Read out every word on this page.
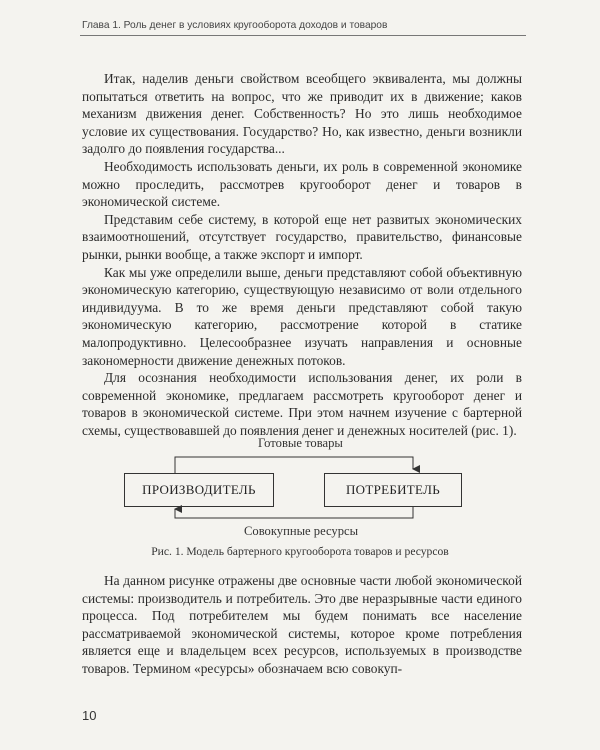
Глава 1. Роль денег в условиях кругооборота доходов и товаров

Итак, наделив деньги свойством всеобщего эквивалента, мы должны попытаться ответить на вопрос, что же приводит их в движение; каков механизм движения денег. Собственность? Но это лишь необходимое условие их существования. Государство? Но, как известно, деньги возникли задолго до появления государства...

Необходимость использовать деньги, их роль в современной экономике можно проследить, рассмотрев кругооборот денег и товаров в экономической системе.

Представим себе систему, в которой еще нет развитых экономических взаимоотношений, отсутствует государство, правительство, финансовые рынки, рынки вообще, а также экспорт и импорт.

Как мы уже определили выше, деньги представляют собой объективную экономическую категорию, существующую независимо от воли отдельного индивидуума. В то же время деньги представляют собой такую экономическую категорию, рассмотрение которой в статике малопродуктивно. Целесообразнее изучать направления и основные закономерности движение денежных потоков.

Для осознания необходимости использования денег, их роли в современной экономике, предлагаем рассмотреть кругооборот денег и товаров в экономической системе. При этом начнем изучение с бартерной схемы, существовавшей до появления денег и денежных носителей (рис. 1).

Готовые товары
ПРОИЗВОДИТЕЛЬ	ПОТРЕБИТЕЛЬ
Совокупные ресурсы
Рис. 1. Модель бартерного кругооборота товаров и ресурсов

На данном рисунке отражены две основные части любой экономической системы: производитель и потребитель. Это две неразрывные части единого процесса. Под потребителем мы будем понимать все население рассматриваемой экономической системы, которое кроме потребления является еще и владельцем всех ресурсов, используемых в производстве товаров. Термином «ресурсы» обозначаем всю совокуп-

10
